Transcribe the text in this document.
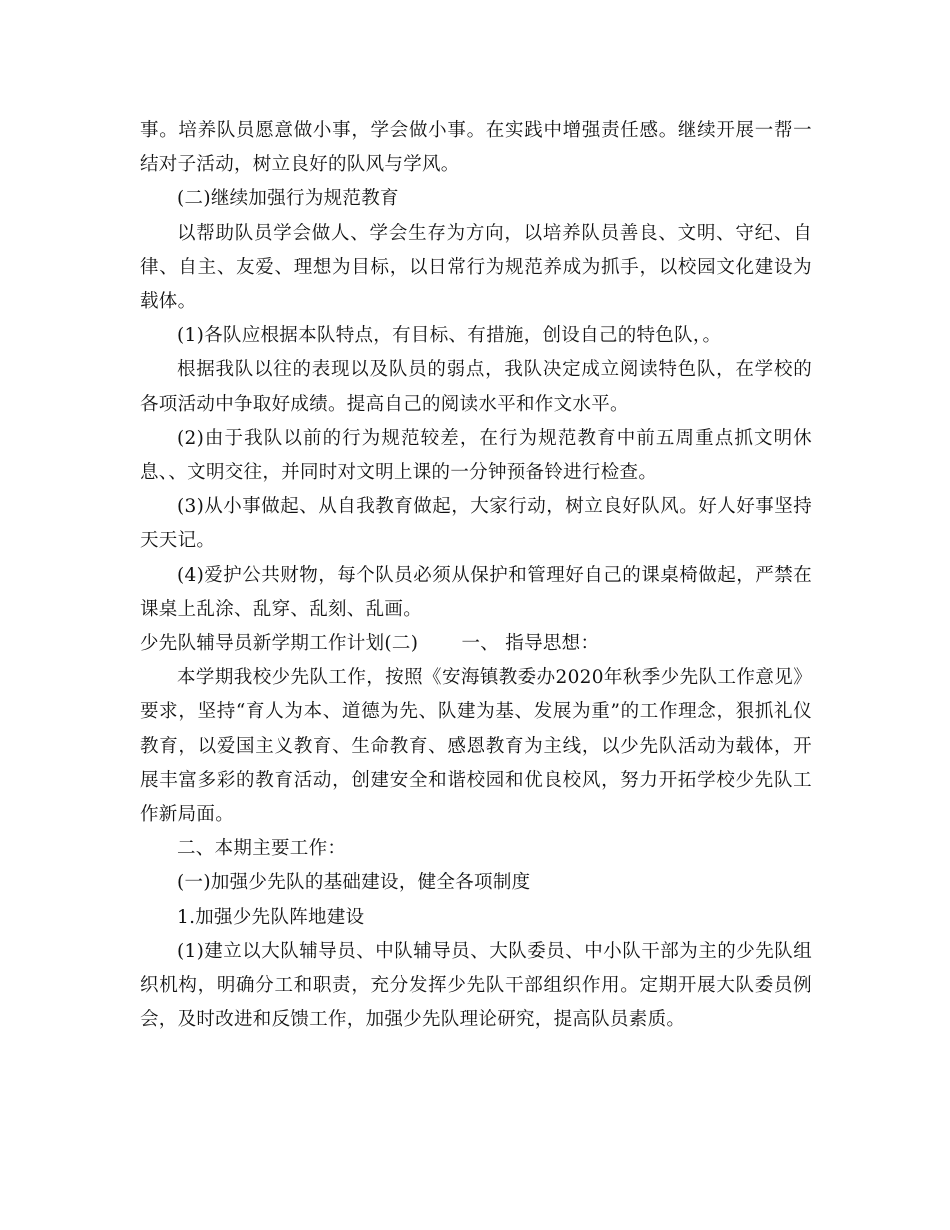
事。培养队员愿意做小事，学会做小事。在实践中增强责任感。继续开展一帮一结对子活动，树立良好的队风与学风。

(二)继续加强行为规范教育

以帮助队员学会做人、学会生存为方向，以培养队员善良、文明、守纪、自律、自主、友爱、理想为目标，以日常行为规范养成为抓手，以校园文化建设为载体。

(1)各队应根据本队特点，有目标、有措施，创设自己的特色队，。

根据我队以往的表现以及队员的弱点，我队决定成立阅读特色队，在学校的各项活动中争取好成绩。提高自己的阅读水平和作文水平。

(2)由于我队以前的行为规范较差，在行为规范教育中前五周重点抓文明休息、、文明交往，并同时对文明上课的一分钟预备铃进行检查。

(3)从小事做起、从自我教育做起，大家行动，树立良好队风。好人好事坚持天天记。

(4)爱护公共财物，每个队员必须从保护和管理好自己的课桌椅做起，严禁在课桌上乱涂、乱穿、乱刻、乱画。

少先队辅导员新学期工作计划(二)       一、 指导思想：

本学期我校少先队工作，按照《安海镇教委办2020年秋季少先队工作意见》要求，坚持“育人为本、道德为先、队建为基、发展为重”的工作理念，狠抓礼仪教育，以爱国主义教育、生命教育、感恩教育为主线，以少先队活动为载体，开展丰富多彩的教育活动，创建安全和谐校园和优良校风，努力开拓学校少先队工作新局面。

二、本期主要工作：

(一)加强少先队的基础建设，健全各项制度

1.加强少先队阵地建设

(1)建立以大队辅导员、中队辅导员、大队委员、中小队干部为主的少先队组织机构，明确分工和职责，充分发挥少先队干部组织作用。定期开展大队委员例会，及时改进和反馈工作，加强少先队理论研究，提高队员素质。
